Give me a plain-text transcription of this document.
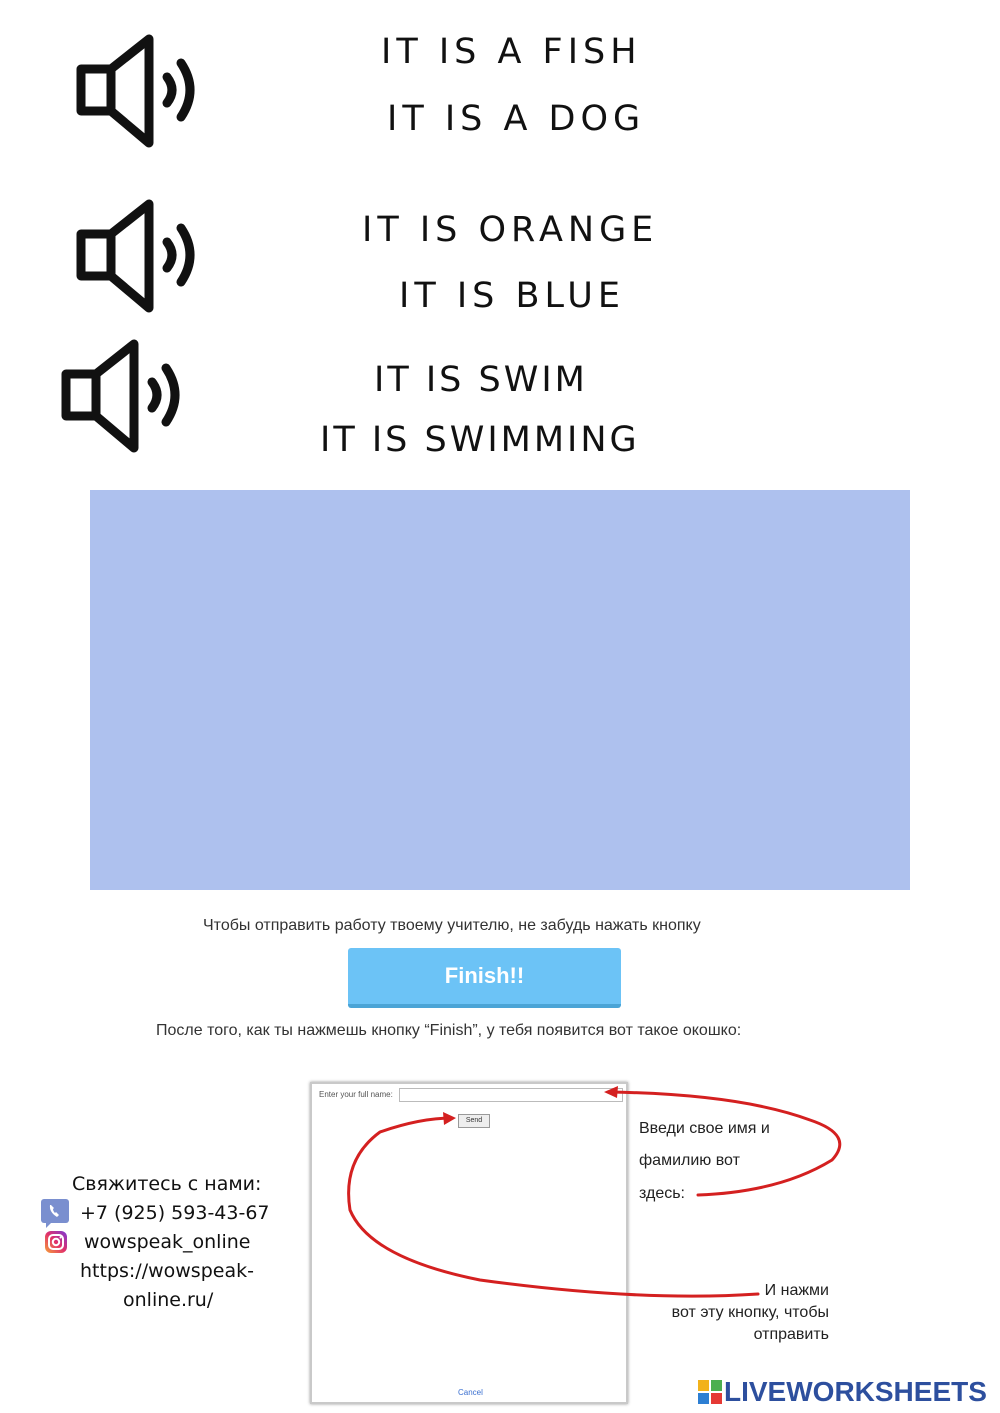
IT IS A FISH
IT IS A DOG
IT IS ORANGE
IT IS BLUE
IT IS SWIM
IT IS SWIMMING
Чтобы отправить работу твоему учителю, не забудь нажать кнопку
Finish!!
После того, как ты нажмешь кнопку “Finish”, у тебя появится вот такое окошко:
Enter your full name:
Send
Cancel
Введи свое имя и
фамилию вот
здесь:
И нажми
вот эту кнопку, чтобы
отправить
Свяжитесь с нами:
+7 (925) 593-43-67
wowspeak_online
https://wowspeak-
online.ru/
LIVEWORKSHEETS
